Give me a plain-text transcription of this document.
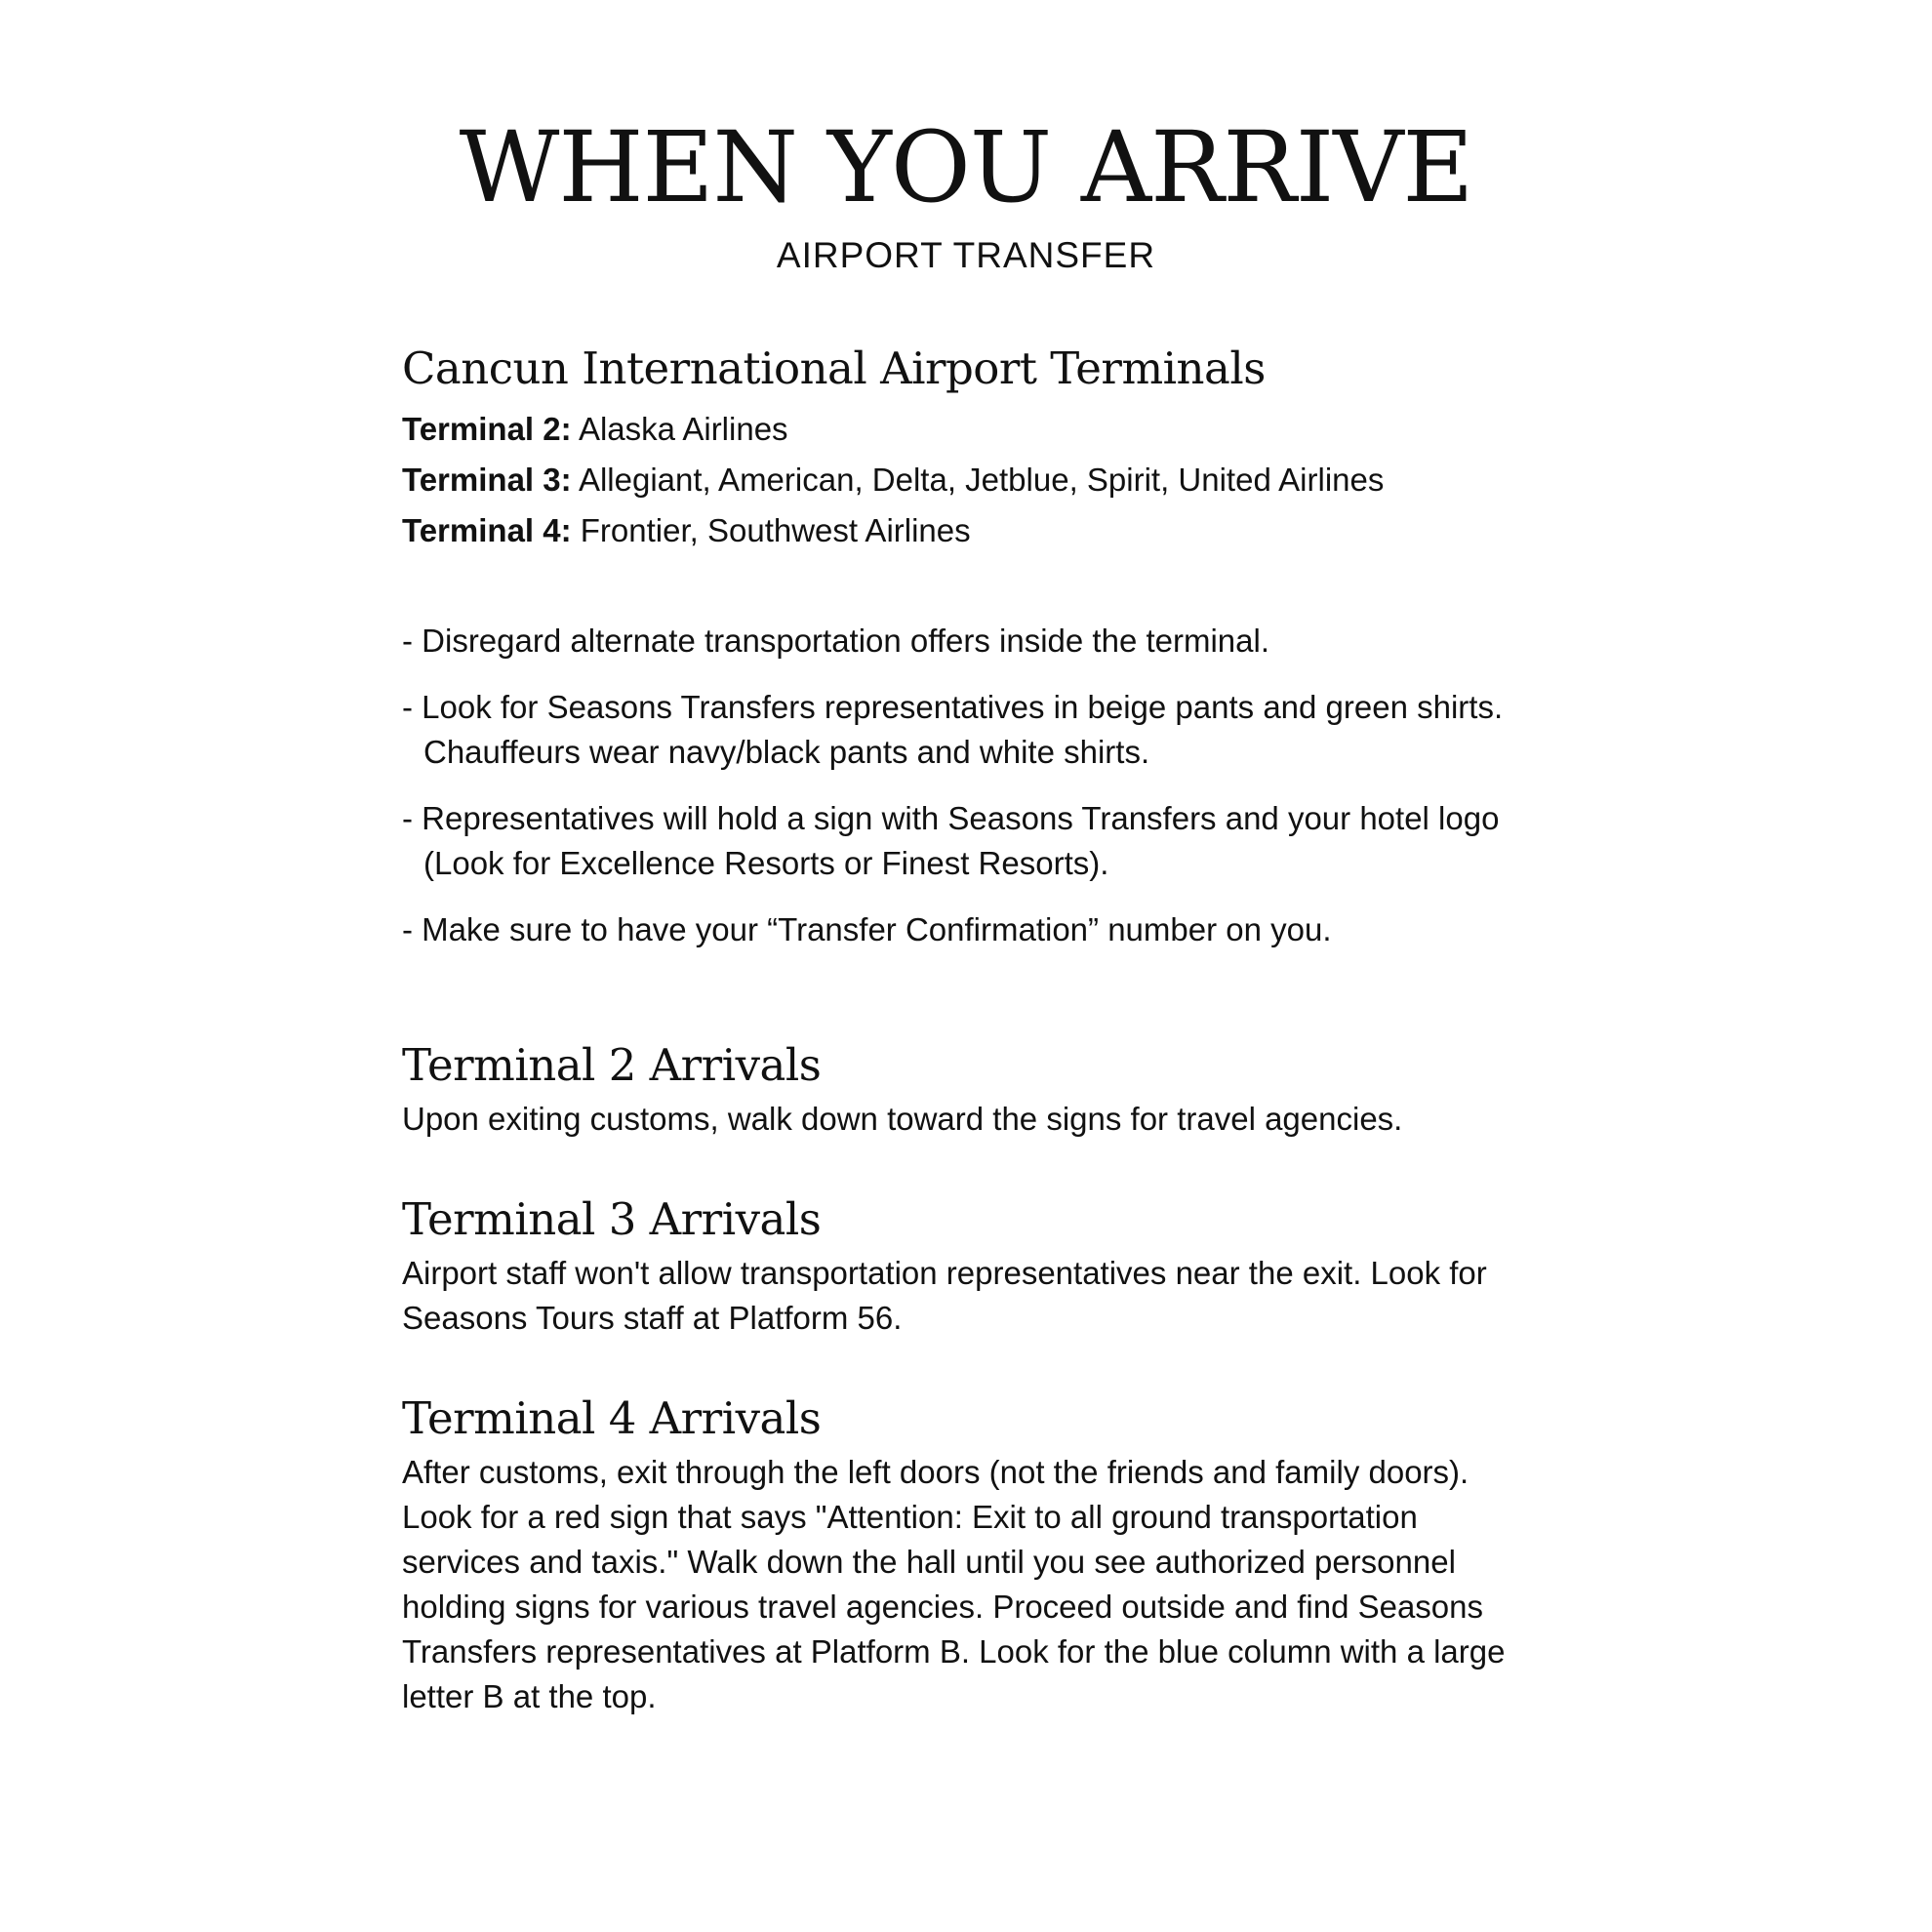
WHEN YOU ARRIVE
AIRPORT TRANSFER
Cancun International Airport Terminals
Terminal 2: Alaska Airlines
Terminal 3: Allegiant, American, Delta, Jetblue, Spirit, United Airlines
Terminal 4: Frontier, Southwest Airlines
- Disregard alternate transportation offers inside the terminal.
- Look for Seasons Transfers representatives in beige pants and green shirts. Chauffeurs wear navy/black pants and white shirts.
- Representatives will hold a sign with Seasons Transfers and your hotel logo (Look for Excellence Resorts or Finest Resorts).
- Make sure to have your “Transfer Confirmation” number on you.
Terminal 2 Arrivals

Upon exiting customs, walk down toward the signs for travel agencies.

Terminal 3 Arrivals

Airport staff won't allow transportation representatives near the exit. Look for Seasons Tours staff at Platform 56.

Terminal 4 Arrivals

After customs, exit through the left doors (not the friends and family doors). Look for a red sign that says "Attention: Exit to all ground transportation services and taxis." Walk down the hall until you see authorized personnel holding signs for various travel agencies. Proceed outside and find Seasons Transfers representatives at Platform B. Look for the blue column with a large letter B at the top.
